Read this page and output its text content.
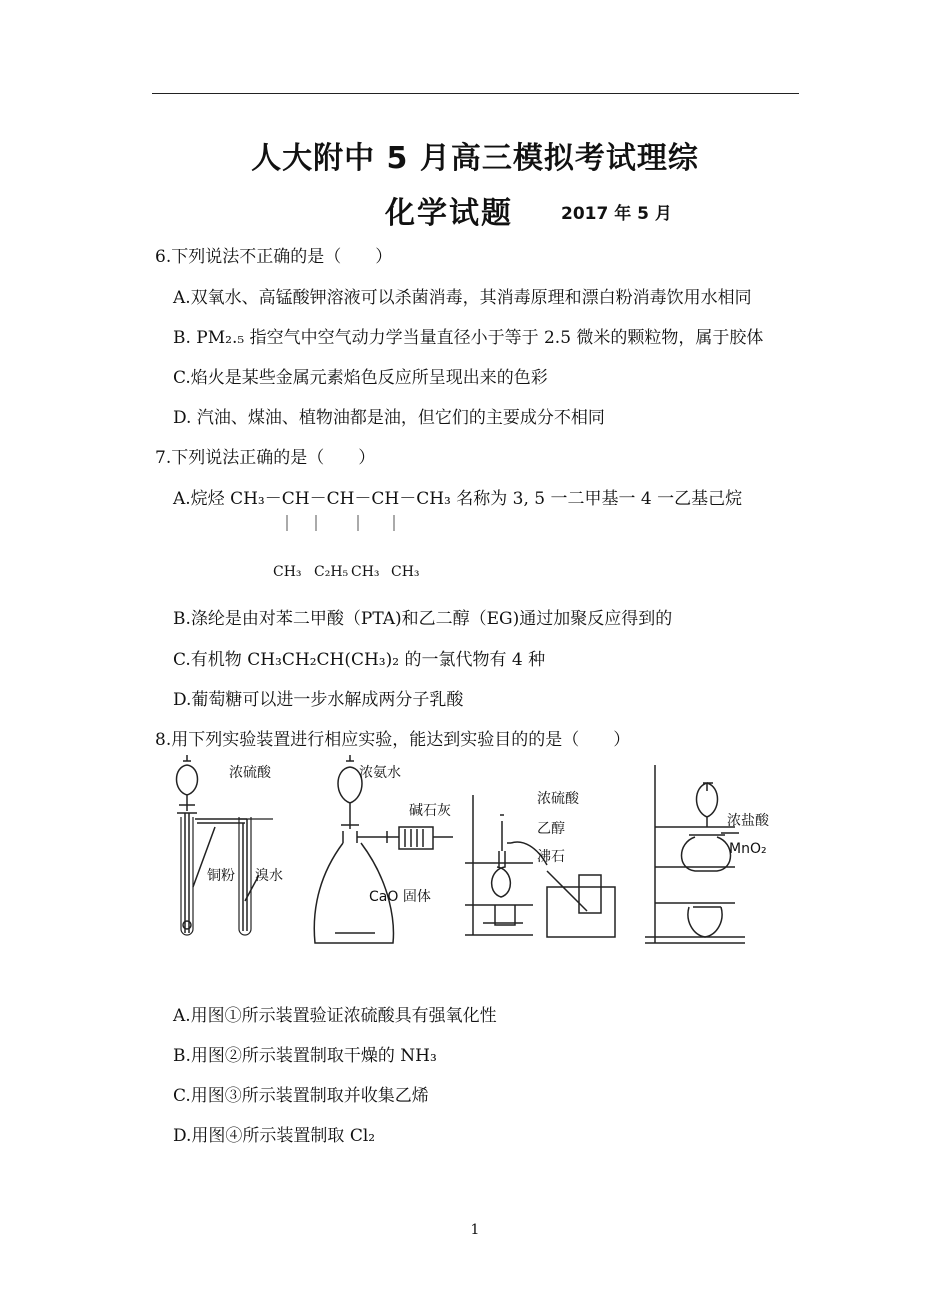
人大附中 5 月高三模拟考试理综
化学试题	2017 年 5 月
6.下列说法不正确的是（　　）
A.双氧水、高锰酸钾溶液可以杀菌消毒，其消毒原理和漂白粉消毒饮用水相同
B. PM₂.₅ 指空气中空气动力学当量直径小于等于 2.5 微米的颗粒物，属于胶体
C.焰火是某些金属元素焰色反应所呈现出来的色彩
D. 汽油、煤油、植物油都是油，但它们的主要成分不相同
7.下列说法正确的是（　　）
A.烷烃 CH₃－CH－CH－CH－CH₃ 名称为 3, 5 一二甲基一 4 一乙基己烷
CH₃ C₂H₅ CH₃ CH₃
B.涤纶是由对苯二甲酸（PTA)和乙二醇（EG)通过加聚反应得到的
C.有机物 CH₃CH₂CH(CH₃)₂ 的一氯代物有 4 种
D.葡萄糖可以进一步水解成两分子乳酸
8.用下列实验装置进行相应实验，能达到实验目的的是（　　）
浓硫酸
铜粉 溴水
浓氨水
碱石灰
CaO 固体
浓硫酸
乙醇
沸石
浓盐酸
MnO₂
A.用图①所示装置验证浓硫酸具有强氧化性
B.用图②所示装置制取干燥的 NH₃
C.用图③所示装置制取并收集乙烯
D.用图④所示装置制取 Cl₂
1
